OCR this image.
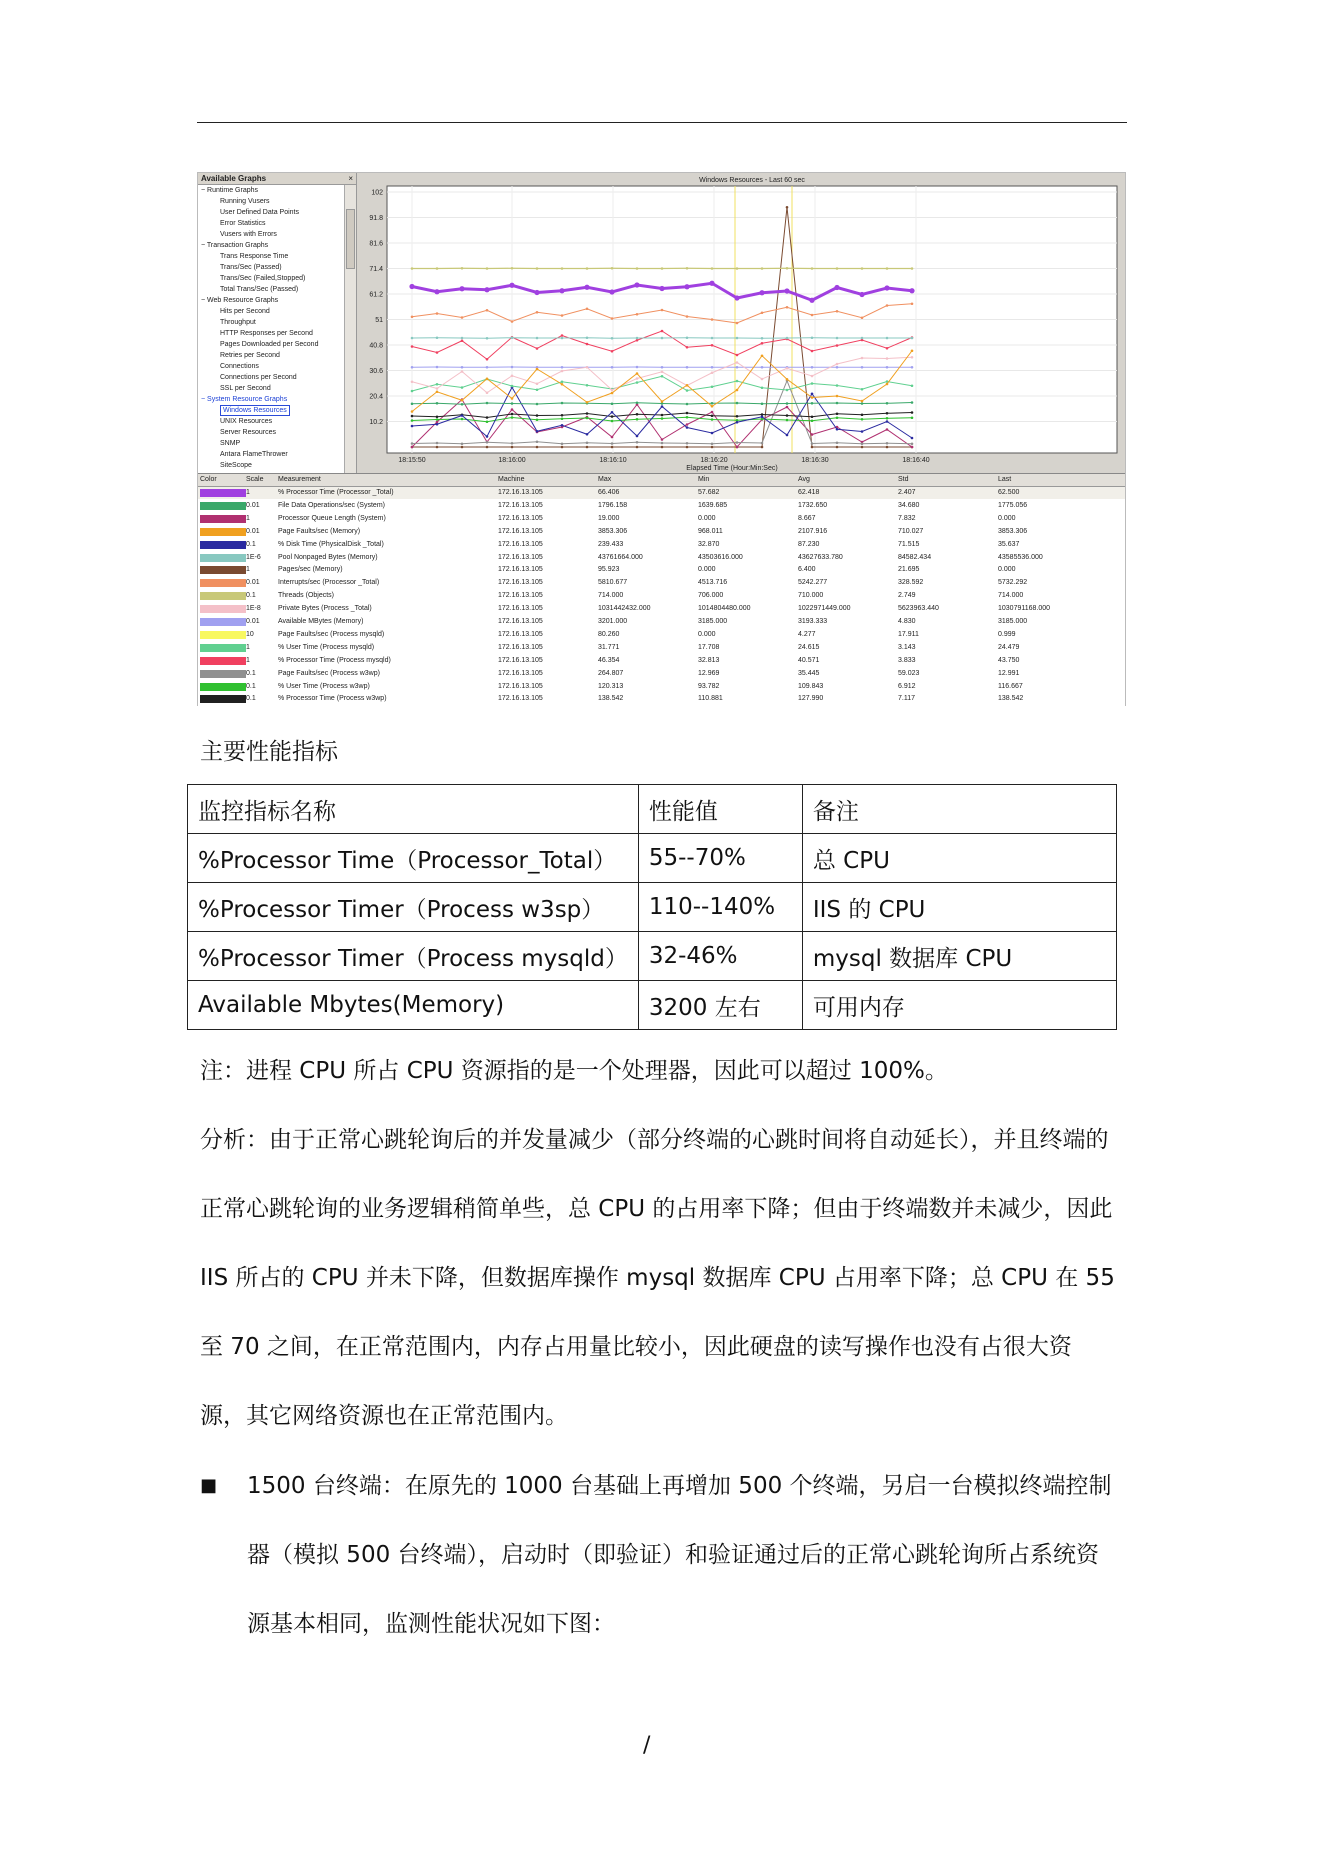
Available Graphs	×
− Runtime Graphs
Running Vusers
User Defined Data Points
Error Statistics
Vusers with Errors
− Transaction Graphs
Trans Response Time
Trans/Sec (Passed)
Trans/Sec (Failed,Stopped)
Total Trans/Sec (Passed)
− Web Resource Graphs
Hits per Second
Throughput
HTTP Responses per Second
Pages Downloaded per Second
Retries per Second
Connections
Connections per Second
SSL per Second
− System Resource Graphs
Windows Resources
UNIX Resources
Server Resources
SNMP
Antara FlameThrower
SiteScope
Windows Resources - Last 60 sec
102
91.8
81.6
71.4
61.2
51
40.8
30.6
20.4
10.2
18:15:50	18:16:00	18:16:10	18:16:20	18:16:30	18:16:40
Elapsed Time (Hour:Min:Sec)
Color	Scale Measurement	Machine	Max	Min	Avg	Std	Last
1	% Processor Time (Processor _Total)	172.16.13.105	66.406	57.682	62.418	2.407	62.500
0.01	File Data Operations/sec (System)	172.16.13.105	1796.158	1639.685	1732.650	34.680	1775.056
1	Processor Queue Length (System)	172.16.13.105	19.000	0.000	8.667	7.832	0.000
0.01	Page Faults/sec (Memory)	172.16.13.105	3853.306	968.011	2107.916	710.027	3853.306
0.1	% Disk Time (PhysicalDisk _Total)	172.16.13.105	239.433	32.870	87.230	71.515	35.637
1E-6 Pool Nonpaged Bytes (Memory)	172.16.13.105	43761664.000	43503616.000	43627633.780	84582.434	43585536.000
1	Pages/sec (Memory)	172.16.13.105	95.923	0.000	6.400	21.695	0.000
0.01	Interrupts/sec (Processor _Total)	172.16.13.105	5810.677	4513.716	5242.277	328.592	5732.292
0.1	Threads (Objects)	172.16.13.105	714.000	706.000	710.000	2.749	714.000
1E-8 Private Bytes (Process _Total)	172.16.13.105	1031442432.000	1014804480.000	1022971449.000	5623963.440	1030791168.000
0.01	Available MBytes (Memory)	172.16.13.105	3201.000	3185.000	3193.333	4.830	3185.000
10	Page Faults/sec (Process mysqld)	172.16.13.105	80.260	0.000	4.277	17.911	0.999
1	% User Time (Process mysqld)	172.16.13.105	31.771	17.708	24.615	3.143	24.479
1	% Processor Time (Process mysqld)	172.16.13.105	46.354	32.813	40.571	3.833	43.750
0.1	Page Faults/sec (Process w3wp)	172.16.13.105	264.807	12.969	35.445	59.023	12.991
0.1	% User Time (Process w3wp)	172.16.13.105	120.313	93.782	109.843	6.912	116.667
0.1	% Processor Time (Process w3wp)	172.16.13.105	138.542	110.881	127.990	7.117	138.542
主要性能指标
监控指标名称	性能值	备注
%Processor Time（Processor_Total）	55--70%	总 CPU
%Processor Timer（Process w3sp）	110--140%	IIS 的 CPU
%Processor Timer（Process mysqld）	32-46%	mysql 数据库 CPU
Available Mbytes(Memory)	3200 左右	可用内存
注：进程 CPU 所占 CPU 资源指的是一个处理器，因此可以超过 100%。
分析：由于正常心跳轮询后的并发量减少（部分终端的心跳时间将自动延长），并且终端的
正常心跳轮询的业务逻辑稍简单些，总 CPU 的占用率下降；但由于终端数并未减少，因此
IIS 所占的 CPU 并未下降，但数据库操作 mysql 数据库 CPU 占用率下降；总 CPU 在 55
至 70 之间，在正常范围内，内存占用量比较小，因此硬盘的读写操作也没有占很大资
源，其它网络资源也在正常范围内。
■ 1500 台终端：在原先的 1000 台基础上再增加 500 个终端，另启一台模拟终端控制
器（模拟 500 台终端），启动时（即验证）和验证通过后的正常心跳轮询所占系统资
源基本相同，监测性能状况如下图：
/
